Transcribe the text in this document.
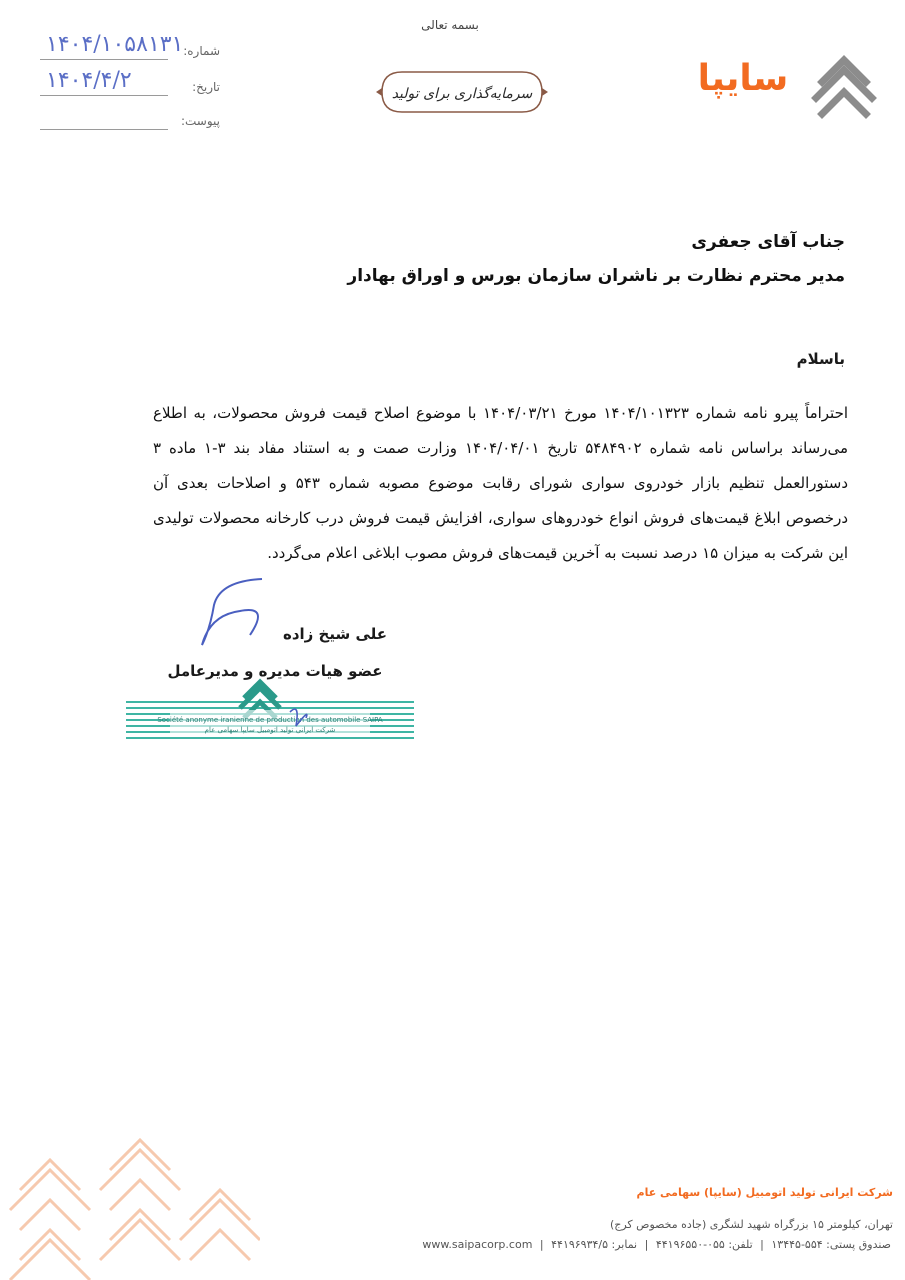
بسمه تعالی
شماره:
۱۴۰۴/۱۰۵۸۱۳۱
تاریخ:
۱۴۰۴/۴/۲
پیوست:
سرمایه‌گذاری برای تولید	سایپا
جناب آقای جعفری
مدیر محترم نظارت بر ناشران سازمان بورس و اوراق بهادار
باسلام
احتراماً پیرو نامه شماره ۱۴۰۴/۱۰۱۳۲۳ مورخ ۱۴۰۴/۰۳/۲۱ با موضوع اصلاح قیمت فروش محصولات، به اطلاع می‌رساند براساس نامه شماره ۵۴۸۴۹۰۲ تاریخ ۱۴۰۴/۰۴/۰۱ وزارت صمت و به استناد مفاد بند ۳-۱ ماده ۳ دستورالعمل تنظیم بازار خودروی سواری شورای رقابت موضوع مصوبه شماره ۵۴۳ و اصلاحات بعدی آن درخصوص ابلاغ قیمت‌های فروش انواع خودروهای سواری، افزایش قیمت فروش درب کارخانه محصولات تولیدی این شرکت به میزان ۱۵ درصد نسبت به آخرین قیمت‌های فروش مصوب ابلاغی اعلام می‌گردد.
علی شیخ زاده
عضو هیات مدیره و مدیرعامل
Société anonyme iranienne de production des automobile SAIPA
شرکت ایرانی تولید اتومبیل سایپا سهامی عام
شرکت ایرانی تولید اتومبیل (سایپا) سهامی عام
تهران، کیلومتر ۱۵ بزرگراه شهید لشگری (جاده مخصوص کرج)
صندوق پستی: ۵۵۴-۱۳۴۴۵ | تلفن: ۰۵۵-۴۴۱۹۶۵۵۰ | نمابر: ۴۴۱۹۶۹۳۴/۵ | www.saipacorp.com
